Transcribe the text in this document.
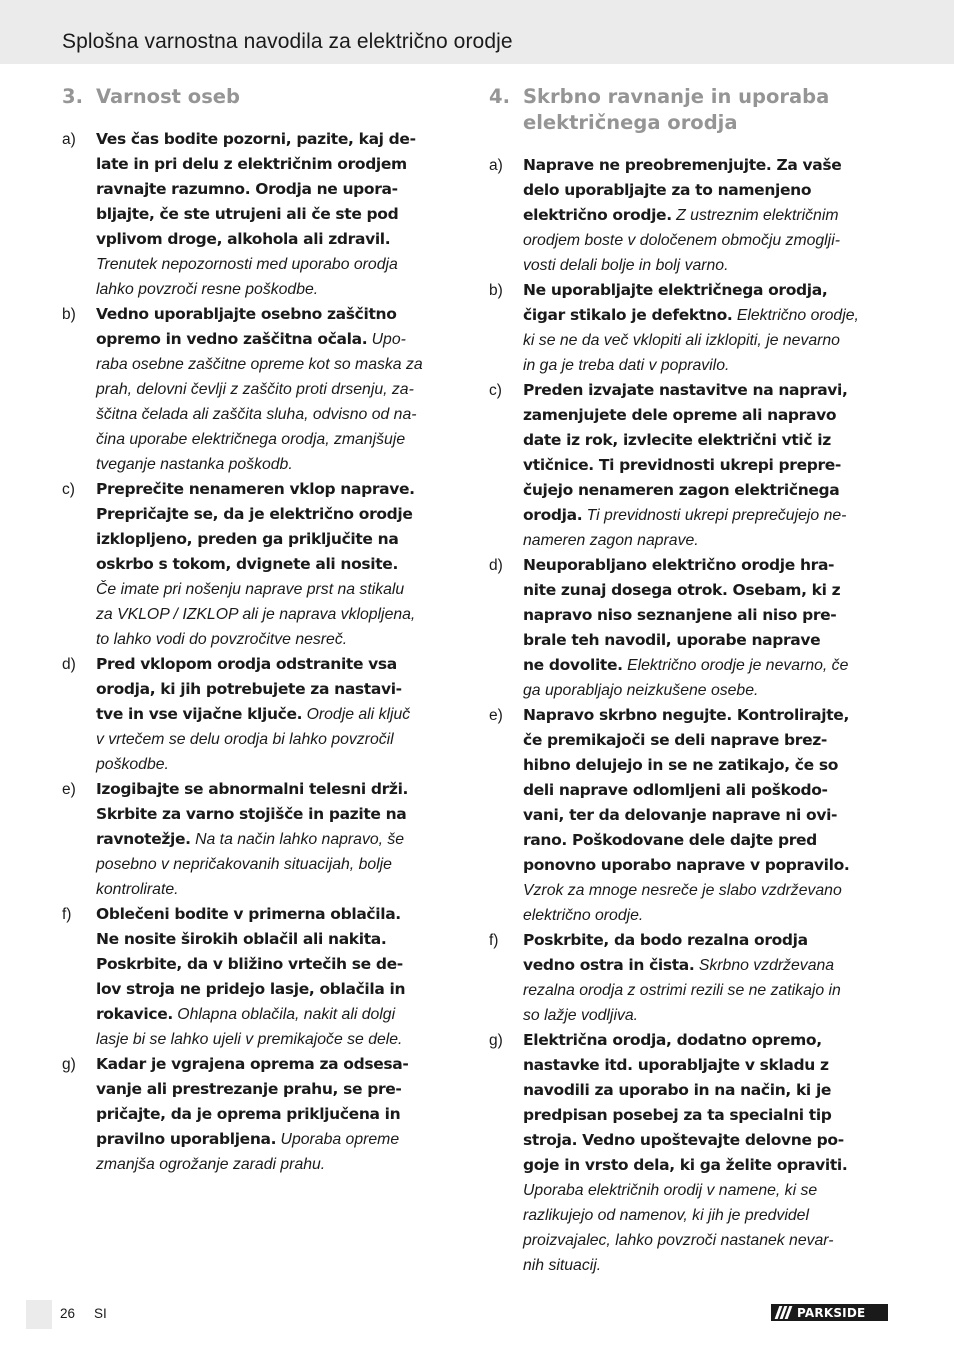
Splošna varnostna navodila za električno orodje
3. Varnost oseb
a)	Ves čas bodite pozorni, pazite, kaj de-
late in pri delu z električnim orodjem
ravnajte razumno. Orodja ne upora-
bljajte, če ste utrujeni ali če ste pod
vplivom droge, alkohola ali zdravil.
Trenutek nepozornosti med uporabo orodja
lahko povzroči resne poškodbe.
b)	Vedno uporabljajte osebno zaščitno
opremo in vedno zaščitna očala. Upo-
raba osebne zaščitne opreme kot so maska za
prah, delovni čevlji z zaščito proti drsenju, za-
ščitna čelada ali zaščita sluha, odvisno od na-
čina uporabe električnega orodja, zmanjšuje
tveganje nastanka poškodb.
c)	Preprečite nenameren vklop naprave.
Prepričajte se, da je električno orodje
izklopljeno, preden ga priključite na
oskrbo s tokom, dvignete ali nosite.
Če imate pri nošenju naprave prst na stikalu
za VKLOP / IZKLOP ali je naprava vklopljena,
to lahko vodi do povzročitve nesreč.
d)	Pred vklopom orodja odstranite vsa
orodja, ki jih potrebujete za nastavi-
tve in vse vijačne ključe. Orodje ali ključ
v vrtečem se delu orodja bi lahko povzročil
poškodbe.
e)	Izogibajte se abnormalni telesni drži.
Skrbite za varno stojišče in pazite na
ravnotežje. Na ta način lahko napravo, še
posebno v nepričakovanih situacijah, bolje
kontrolirate.
f)	Oblečeni bodite v primerna oblačila.
Ne nosite širokih oblačil ali nakita.
Poskrbite, da v bližino vrtečih se de-
lov stroja ne pridejo lasje, oblačila in
rokavice. Ohlapna oblačila, nakit ali dolgi
lasje bi se lahko ujeli v premikajoče se dele.
g)	Kadar je vgrajena oprema za odsesa-
vanje ali prestrezanje prahu, se pre-
pričajte, da je oprema priključena in
pravilno uporabljena. Uporaba opreme
zmanjša ogrožanje zaradi prahu.
4. Skrbno ravnanje in uporaba
električnega orodja
a)	Naprave ne preobremenjujte. Za vaše
delo uporabljajte za to namenjeno
električno orodje. Z ustreznim električnim
orodjem boste v določenem območju zmoglji-
vosti delali bolje in bolj varno.
b)	Ne uporabljajte električnega orodja,
čigar stikalo je defektno. Električno orodje,
ki se ne da več vklopiti ali izklopiti, je nevarno
in ga je treba dati v popravilo.
c)	Preden izvajate nastavitve na napravi,
zamenjujete dele opreme ali napravo
date iz rok, izvlecite električni vtič iz
vtičnice. Ti previdnosti ukrepi prepre-
čujejo nenameren zagon električnega
orodja. Ti previdnosti ukrepi preprečujejo ne-
nameren zagon naprave.
d)	Neuporabljano električno orodje hra-
nite zunaj dosega otrok. Osebam, ki z
napravo niso seznanjene ali niso pre-
brale teh navodil, uporabe naprave
ne dovolite. Električno orodje je nevarno, če
ga uporabljajo neizkušene osebe.
e)	Napravo skrbno negujte. Kontrolirajte,
če premikajoči se deli naprave brez-
hibno delujejo in se ne zatikajo, če so
deli naprave odlomljeni ali poškodo-
vani, ter da delovanje naprave ni ovi-
rano. Poškodovane dele dajte pred
ponovno uporabo naprave v popravilo.
Vzrok za mnoge nesreče je slabo vzdrževano
električno orodje.
f)	Poskrbite, da bodo rezalna orodja
vedno ostra in čista. Skrbno vzdrževana
rezalna orodja z ostrimi rezili se ne zatikajo in
so lažje vodljiva.
g)	Električna orodja, dodatno opremo,
nastavke itd. uporabljajte v skladu z
navodili za uporabo in na način, ki je
predpisan posebej za ta specialni tip
stroja. Vedno upoštevajte delovne po-
goje in vrsto dela, ki ga želite opraviti.
Uporaba električnih orodij v namene, ki se
razlikujejo od namenov, ki jih je predvidel
proizvajalec, lahko povzroči nastanek nevar-
nih situacij.
26 SI	PARKSIDE
